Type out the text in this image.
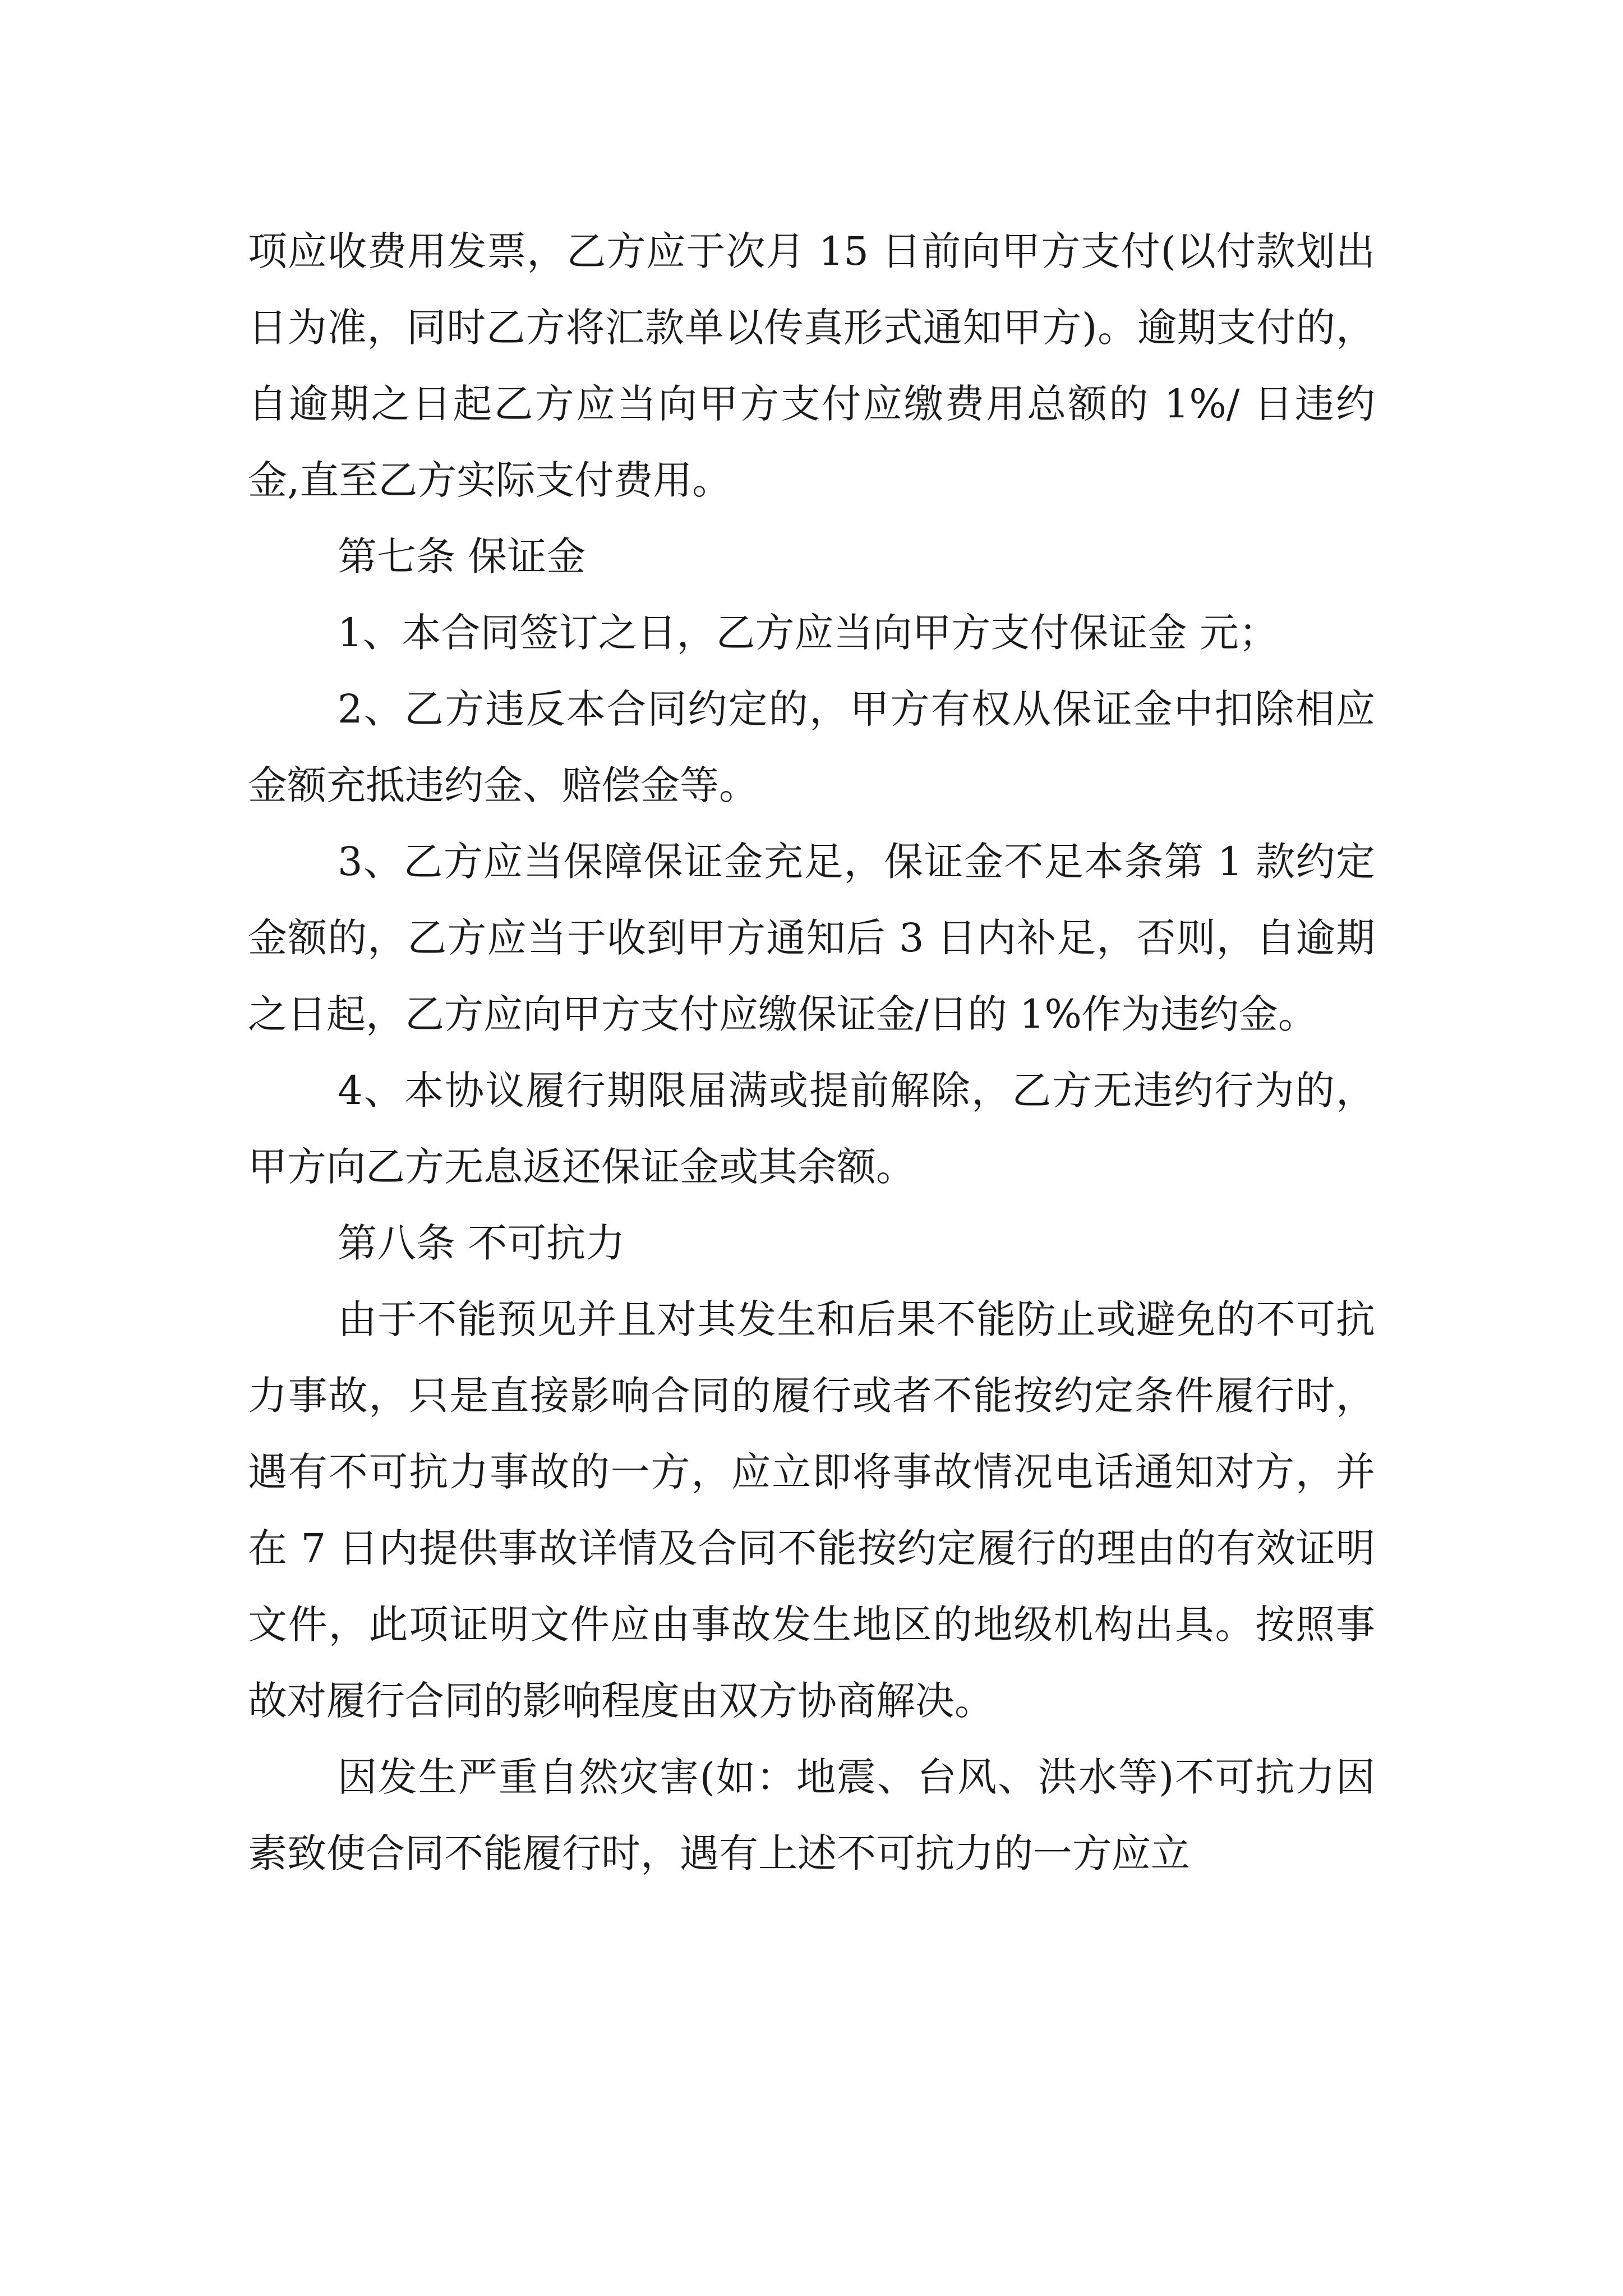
项应收费用发票，乙方应于次月 15 日前向甲方支付(以付款划出日为准，同时乙方将汇款单以传真形式通知甲方)。逾期支付的，自逾期之日起乙方应当向甲方支付应缴费用总额的 1%/ 日违约金,直至乙方实际支付费用。

第七条 保证金

1、本合同签订之日，乙方应当向甲方支付保证金 元；

2、乙方违反本合同约定的，甲方有权从保证金中扣除相应金额充抵违约金、赔偿金等。

3、乙方应当保障保证金充足，保证金不足本条第 1 款约定金额的，乙方应当于收到甲方通知后 3 日内补足，否则，自逾期之日起，乙方应向甲方支付应缴保证金/日的 1%作为违约金。

4、本协议履行期限届满或提前解除，乙方无违约行为的，甲方向乙方无息返还保证金或其余额。

第八条 不可抗力

由于不能预见并且对其发生和后果不能防止或避免的不可抗力事故，只是直接影响合同的履行或者不能按约定条件履行时，遇有不可抗力事故的一方，应立即将事故情况电话通知对方，并在 7 日内提供事故详情及合同不能按约定履行的理由的有效证明文件，此项证明文件应由事故发生地区的地级机构出具。按照事故对履行合同的影响程度由双方协商解决。

因发生严重自然灾害(如：地震、台风、洪水等)不可抗力因素致使合同不能履行时，遇有上述不可抗力的一方应立
